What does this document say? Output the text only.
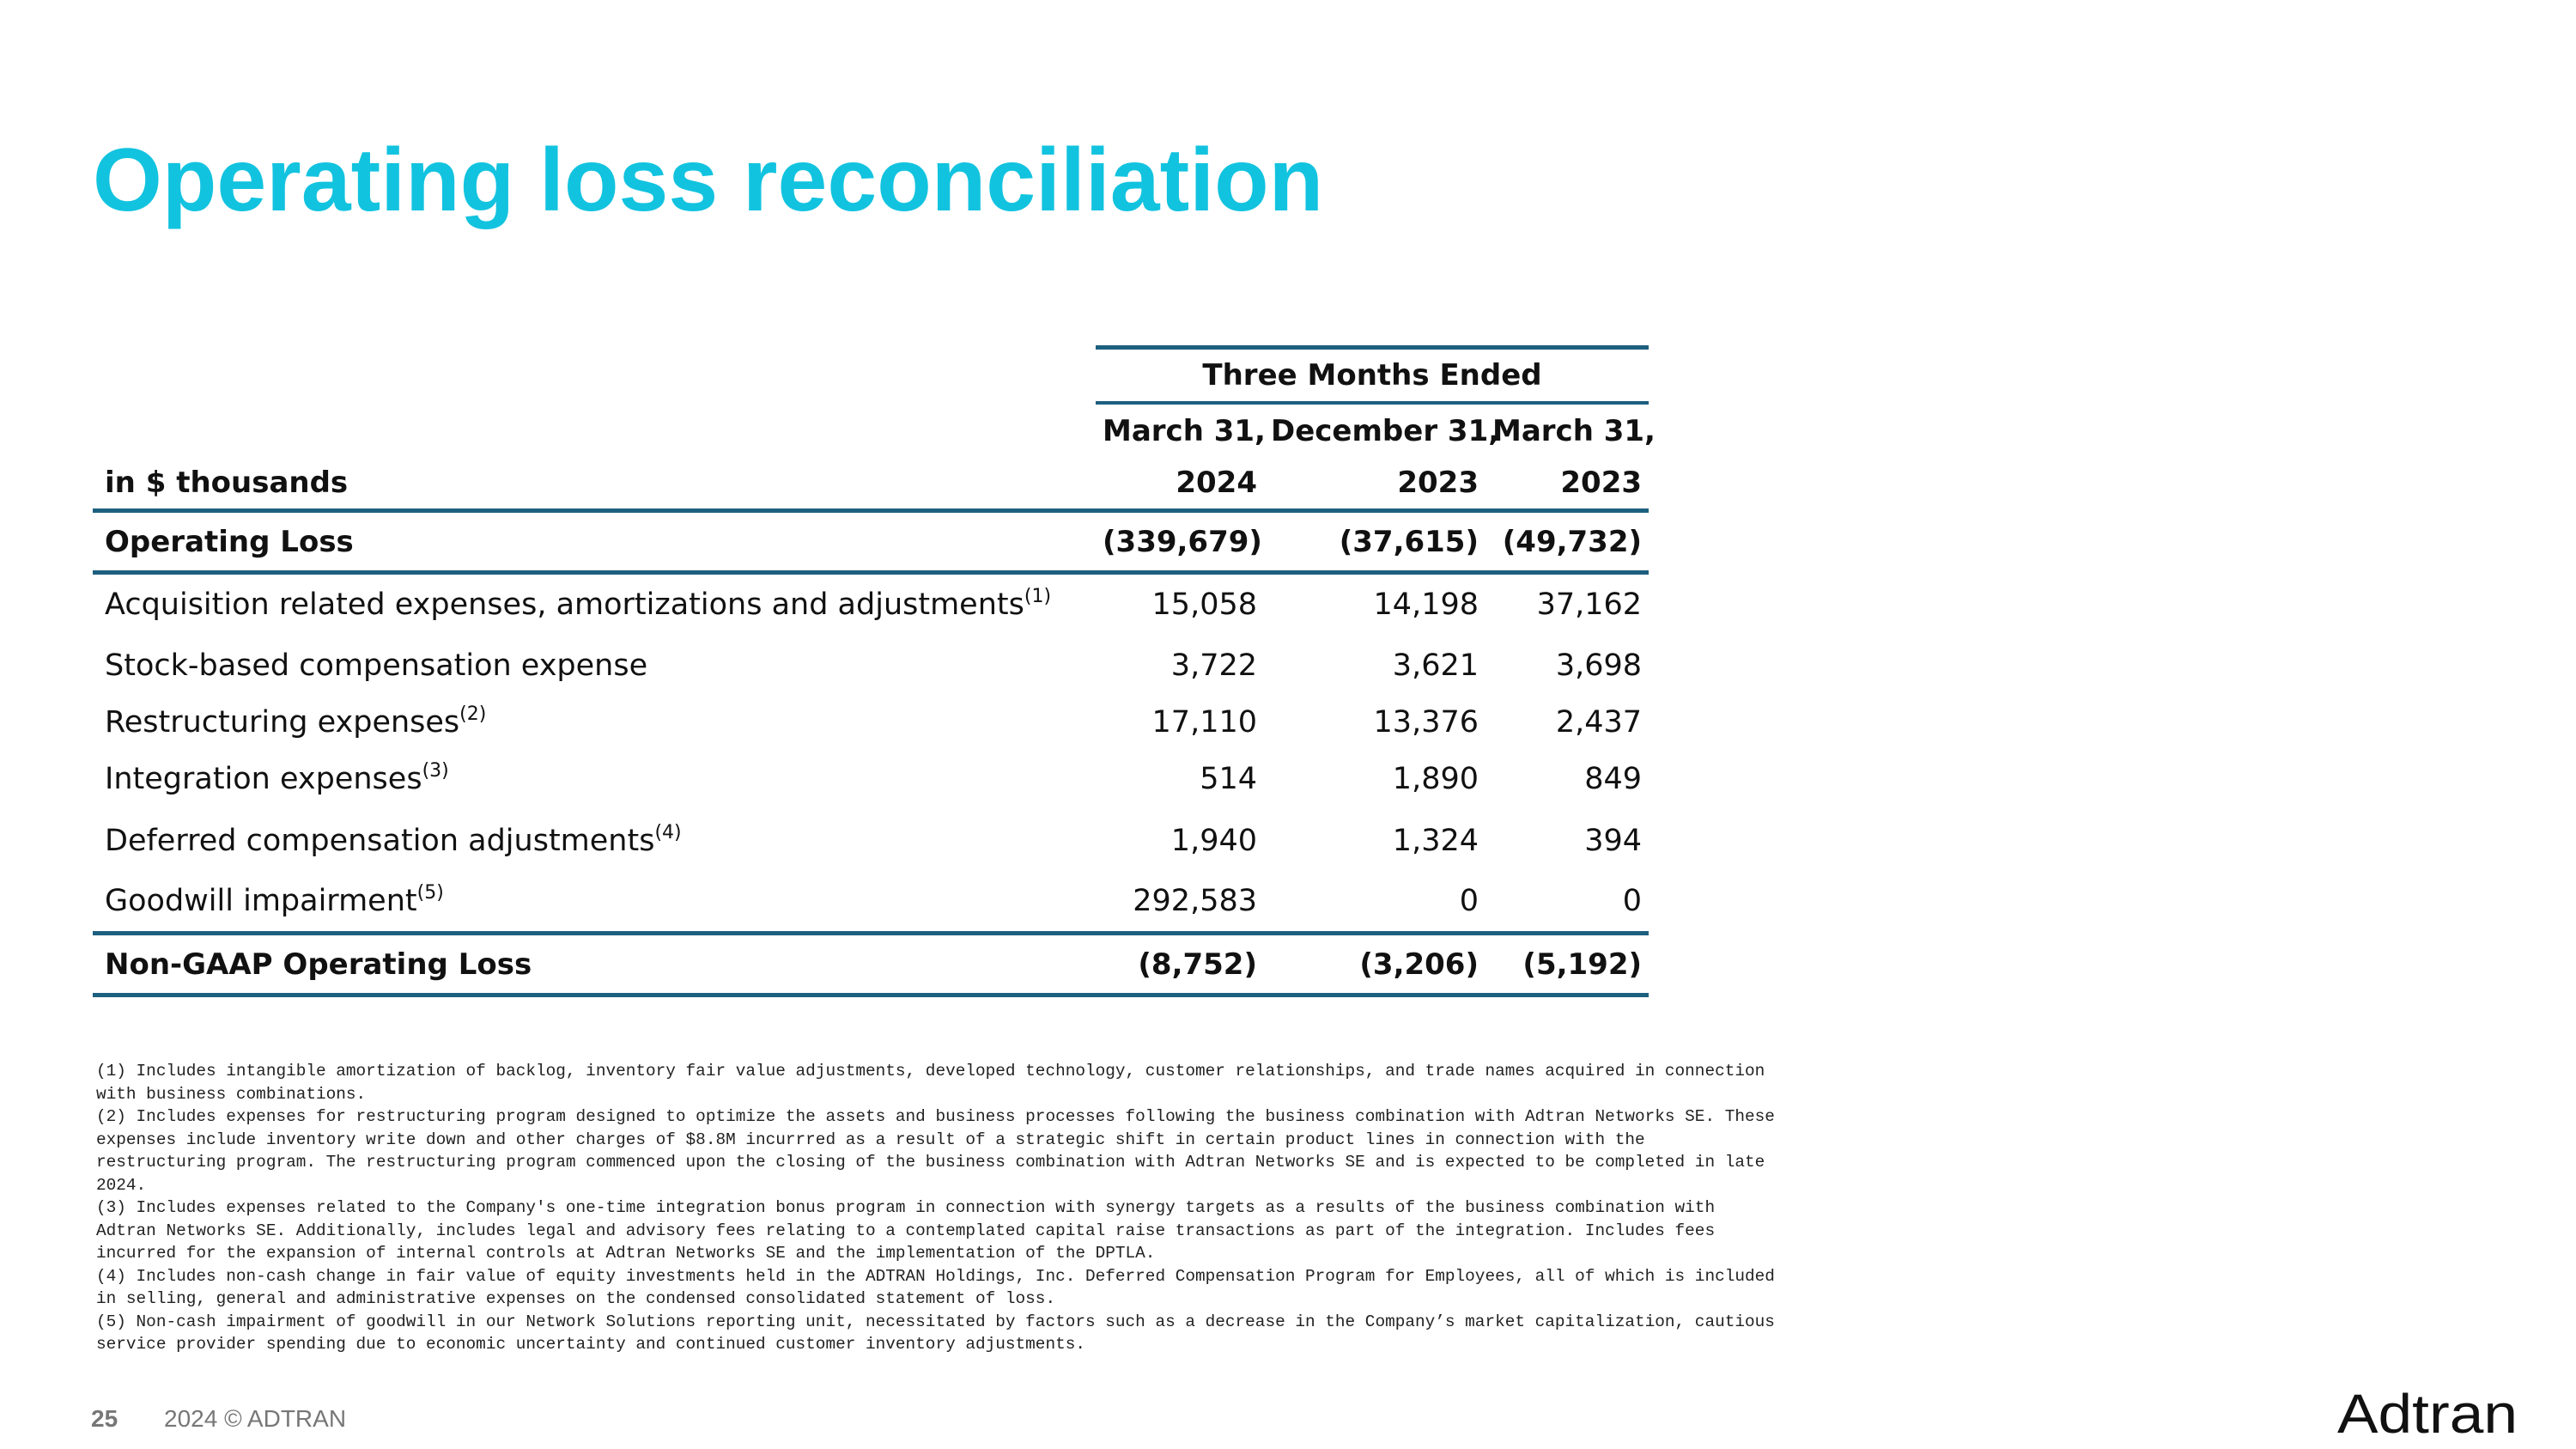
Operating loss reconciliation
	Three Months Ended		
	March 31,	December 31,	March 31,
in $ thousands	2024	2023	2023
Operating Loss	(339,679)	(37,615)	(49,732)
Acquisition related expenses, amortizations and adjustments$^{(1)}$	15,058	14,198	37,162
Stock-based compensation expense	3,722	3,621	3,698
Restructuring expenses$^{(2)}$	17,110	13,376	2,437
Integration expenses$^{(3)}$	514	1,890	849
Deferred compensation adjustments$^{(4)}$	1,940	1,324	394
Goodwill impairment$^{(5)}$	292,583	0	0
Non-GAAP Operating Loss	(8,752)	(3,206)	(5,192)

(1) Includes intangible amortization of backlog, inventory fair value adjustments, developed technology, customer relationships, and trade names acquired in connection with business combinations.

(2) Includes expenses for restructuring program designed to optimize the assets and business processes following the business combination with Adtran Networks SE. These expenses include inventory write down and other charges of $8.8M incurrred as a result of a strategic shift in certain product lines in connection with the restructuring program. The restructuring program commenced upon the closing of the business combination with Adtran Networks SE and is expected to be completed in late 2024.

(3) Includes expenses related to the Company's one-time integration bonus program in connection with synergy targets as a results of the business combination with Adtran Networks SE. Additionally, includes legal and advisory fees relating to a contemplated capital raise transactions as part of the integration. Includes fees incurred for the expansion of internal controls at Adtran Networks SE and the implementation of the DPTLA.

(4) Includes non-cash change in fair value of equity investments held in the ADTRAN Holdings, Inc. Deferred Compensation Program for Employees, all of which is included in selling, general and administrative expenses on the condensed consolidated statement of loss.

(5) Non-cash impairment of goodwill in our Network Solutions reporting unit, necessitated by factors such as a decrease in the Company’s market capitalization, cautious service provider spending due to economic uncertainty and continued customer inventory adjustments.

25 2024 © ADTRAN	Adtran
